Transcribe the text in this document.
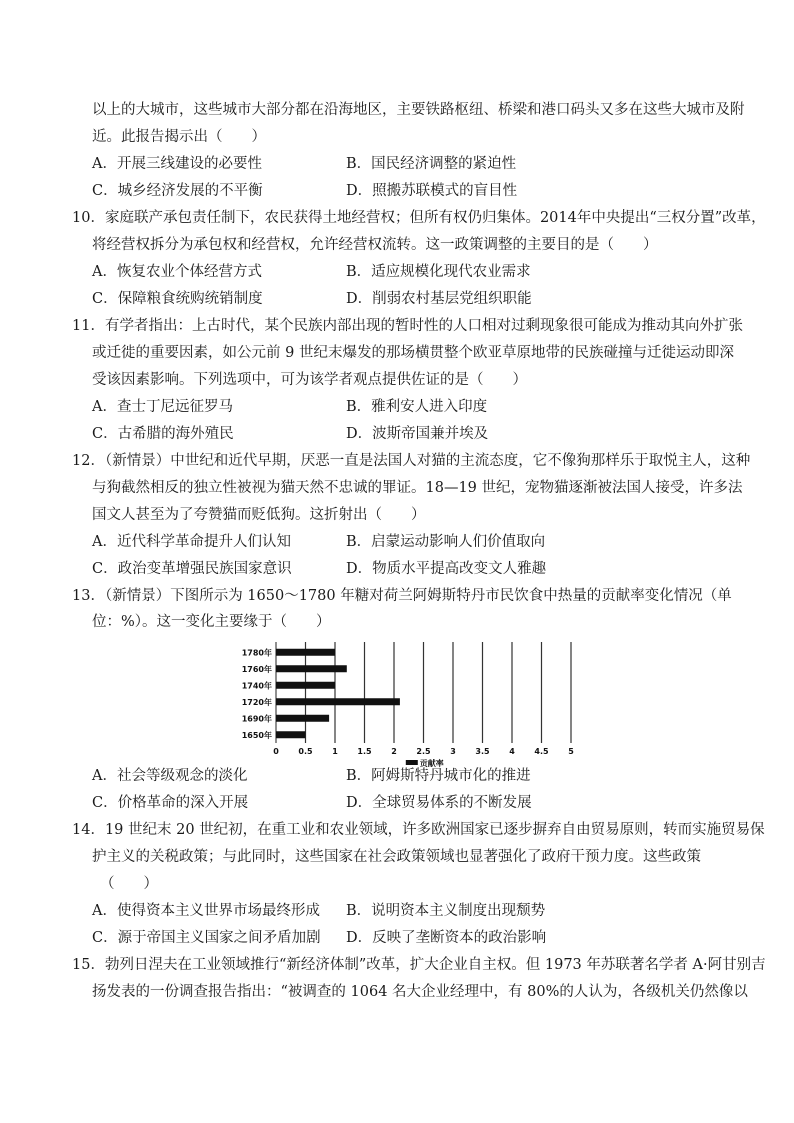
以上的大城市，这些城市大部分都在沿海地区，主要铁路枢纽、桥梁和港口码头又多在这些大城市及附
近。此报告揭示出（　　）
A．开展三线建设的必要性	B．国民经济调整的紧迫性
C．城乡经济发展的不平衡	D．照搬苏联模式的盲目性
10．家庭联产承包责任制下，农民获得土地经营权；但所有权仍归集体。2014年中央提出“三权分置”改革，
将经营权拆分为承包权和经营权，允许经营权流转。这一政策调整的主要目的是（　　）
A．恢复农业个体经营方式	B．适应规模化现代农业需求
C．保障粮食统购统销制度	D．削弱农村基层党组织职能
11．有学者指出：上古时代，某个民族内部出现的暂时性的人口相对过剩现象很可能成为推动其向外扩张
或迁徙的重要因素，如公元前 9 世纪末爆发的那场横贯整个欧亚草原地带的民族碰撞与迁徙运动即深
受该因素影响。下列选项中，可为该学者观点提供佐证的是（　　）
A．查士丁尼远征罗马	B．雅利安人进入印度
C．古希腊的海外殖民	D．波斯帝国兼并埃及
12．（新情景）中世纪和近代早期，厌恶一直是法国人对猫的主流态度，它不像狗那样乐于取悦主人，这种
与狗截然相反的独立性被视为猫天然不忠诚的罪证。18—19 世纪，宠物猫逐渐被法国人接受，许多法
国文人甚至为了夸赞猫而贬低狗。这折射出（　　）
A．近代科学革命提升人们认知	B．启蒙运动影响人们价值取向
C．政治变革增强民族国家意识	D．物质水平提高改变文人雅趣
13．（新情景）下图所示为 1650～1780 年糖对荷兰阿姆斯特丹市民饮食中热量的贡献率变化情况（单
位：%）。这一变化主要缘于（　　）
1780年
1760年
1740年
1720年
1690年
1650年
0 0.5 1 1.5 2 2.5 3 3.5 4 4.5 5
贡献率
A．社会等级观念的淡化	B．阿姆斯特丹城市化的推进
C．价格革命的深入开展	D．全球贸易体系的不断发展
14．19 世纪末 20 世纪初，在重工业和农业领域，许多欧洲国家已逐步摒弃自由贸易原则，转而实施贸易保
护主义的关税政策；与此同时，这些国家在社会政策领域也显著强化了政府干预力度。这些政策
（　　）
A．使得资本主义世界市场最终形成 B．说明资本主义制度出现颓势
C．源于帝国主义国家之间矛盾加剧 D．反映了垄断资本的政治影响
15．勃列日涅夫在工业领域推行“新经济体制”改革，扩大企业自主权。但 1973 年苏联著名学者 A·阿甘别吉
扬发表的一份调查报告指出：“被调查的 1064 名大企业经理中，有 80%的人认为，各级机关仍然像以
